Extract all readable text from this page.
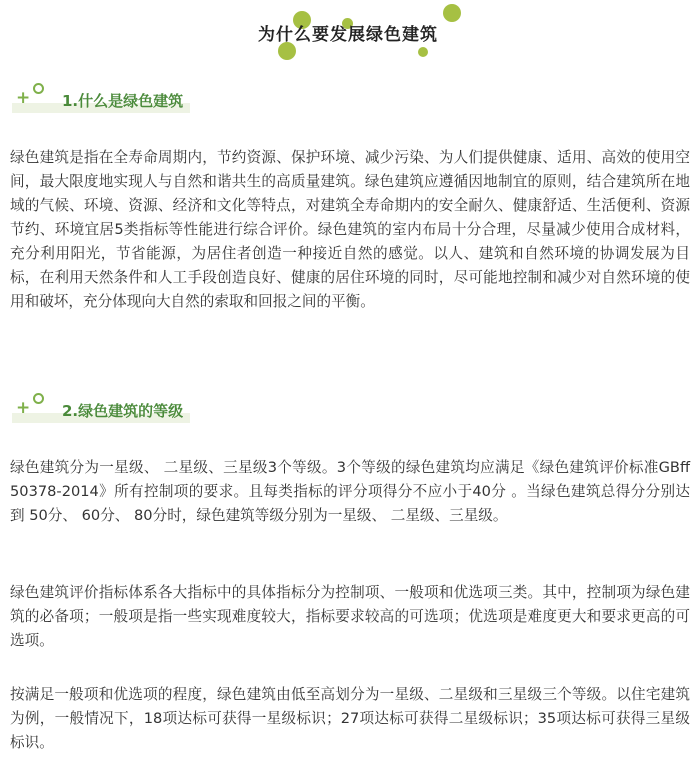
为什么要发展绿色建筑
+ 1.什么是绿色建筑

绿色建筑是指在全寿命周期内，节约资源、保护环境、减少污染、为人们提供健康、适用、高效的使用空间，最大限度地实现人与自然和谐共生的高质量建筑。绿色建筑应遵循因地制宜的原则，结合建筑所在地域的气候、环境、资源、经济和文化等特点，对建筑全寿命期内的安全耐久、健康舒适、生活便利、资源节约、环境宜居5类指标等性能进行综合评价。绿色建筑的室内布局十分合理，尽量减少使用合成材料，充分利用阳光，节省能源，为居住者创造一种接近自然的感觉。以人、建筑和自然环境的协调发展为目标，在利用天然条件和人工手段创造良好、健康的居住环境的同时，尽可能地控制和减少对自然环境的使用和破坏，充分体现向大自然的索取和回报之间的平衡。

+ 2.绿色建筑的等级

绿色建筑分为一星级、 二星级、三星级3个等级。3个等级的绿色建筑均应满足《绿色建筑评价标准GBff 50378-2014》所有控制项的要求。且每类指标的评分项得分不应小于40分 。当绿色建筑总得分分别达到 50分、 60分、 80分时，绿色建筑等级分别为一星级、 二星级、三星级。

绿色建筑评价指标体系各大指标中的具体指标分为控制项、一般项和优选项三类。其中，控制项为绿色建筑的必备项；一般项是指一些实现难度较大，指标要求较高的可选项；优选项是难度更大和要求更高的可选项。

按满足一般项和优选项的程度，绿色建筑由低至高划分为一星级、二星级和三星级三个等级。以住宅建筑为例，一般情况下，18项达标可获得一星级标识；27项达标可获得二星级标识；35项达标可获得三星级标识。
